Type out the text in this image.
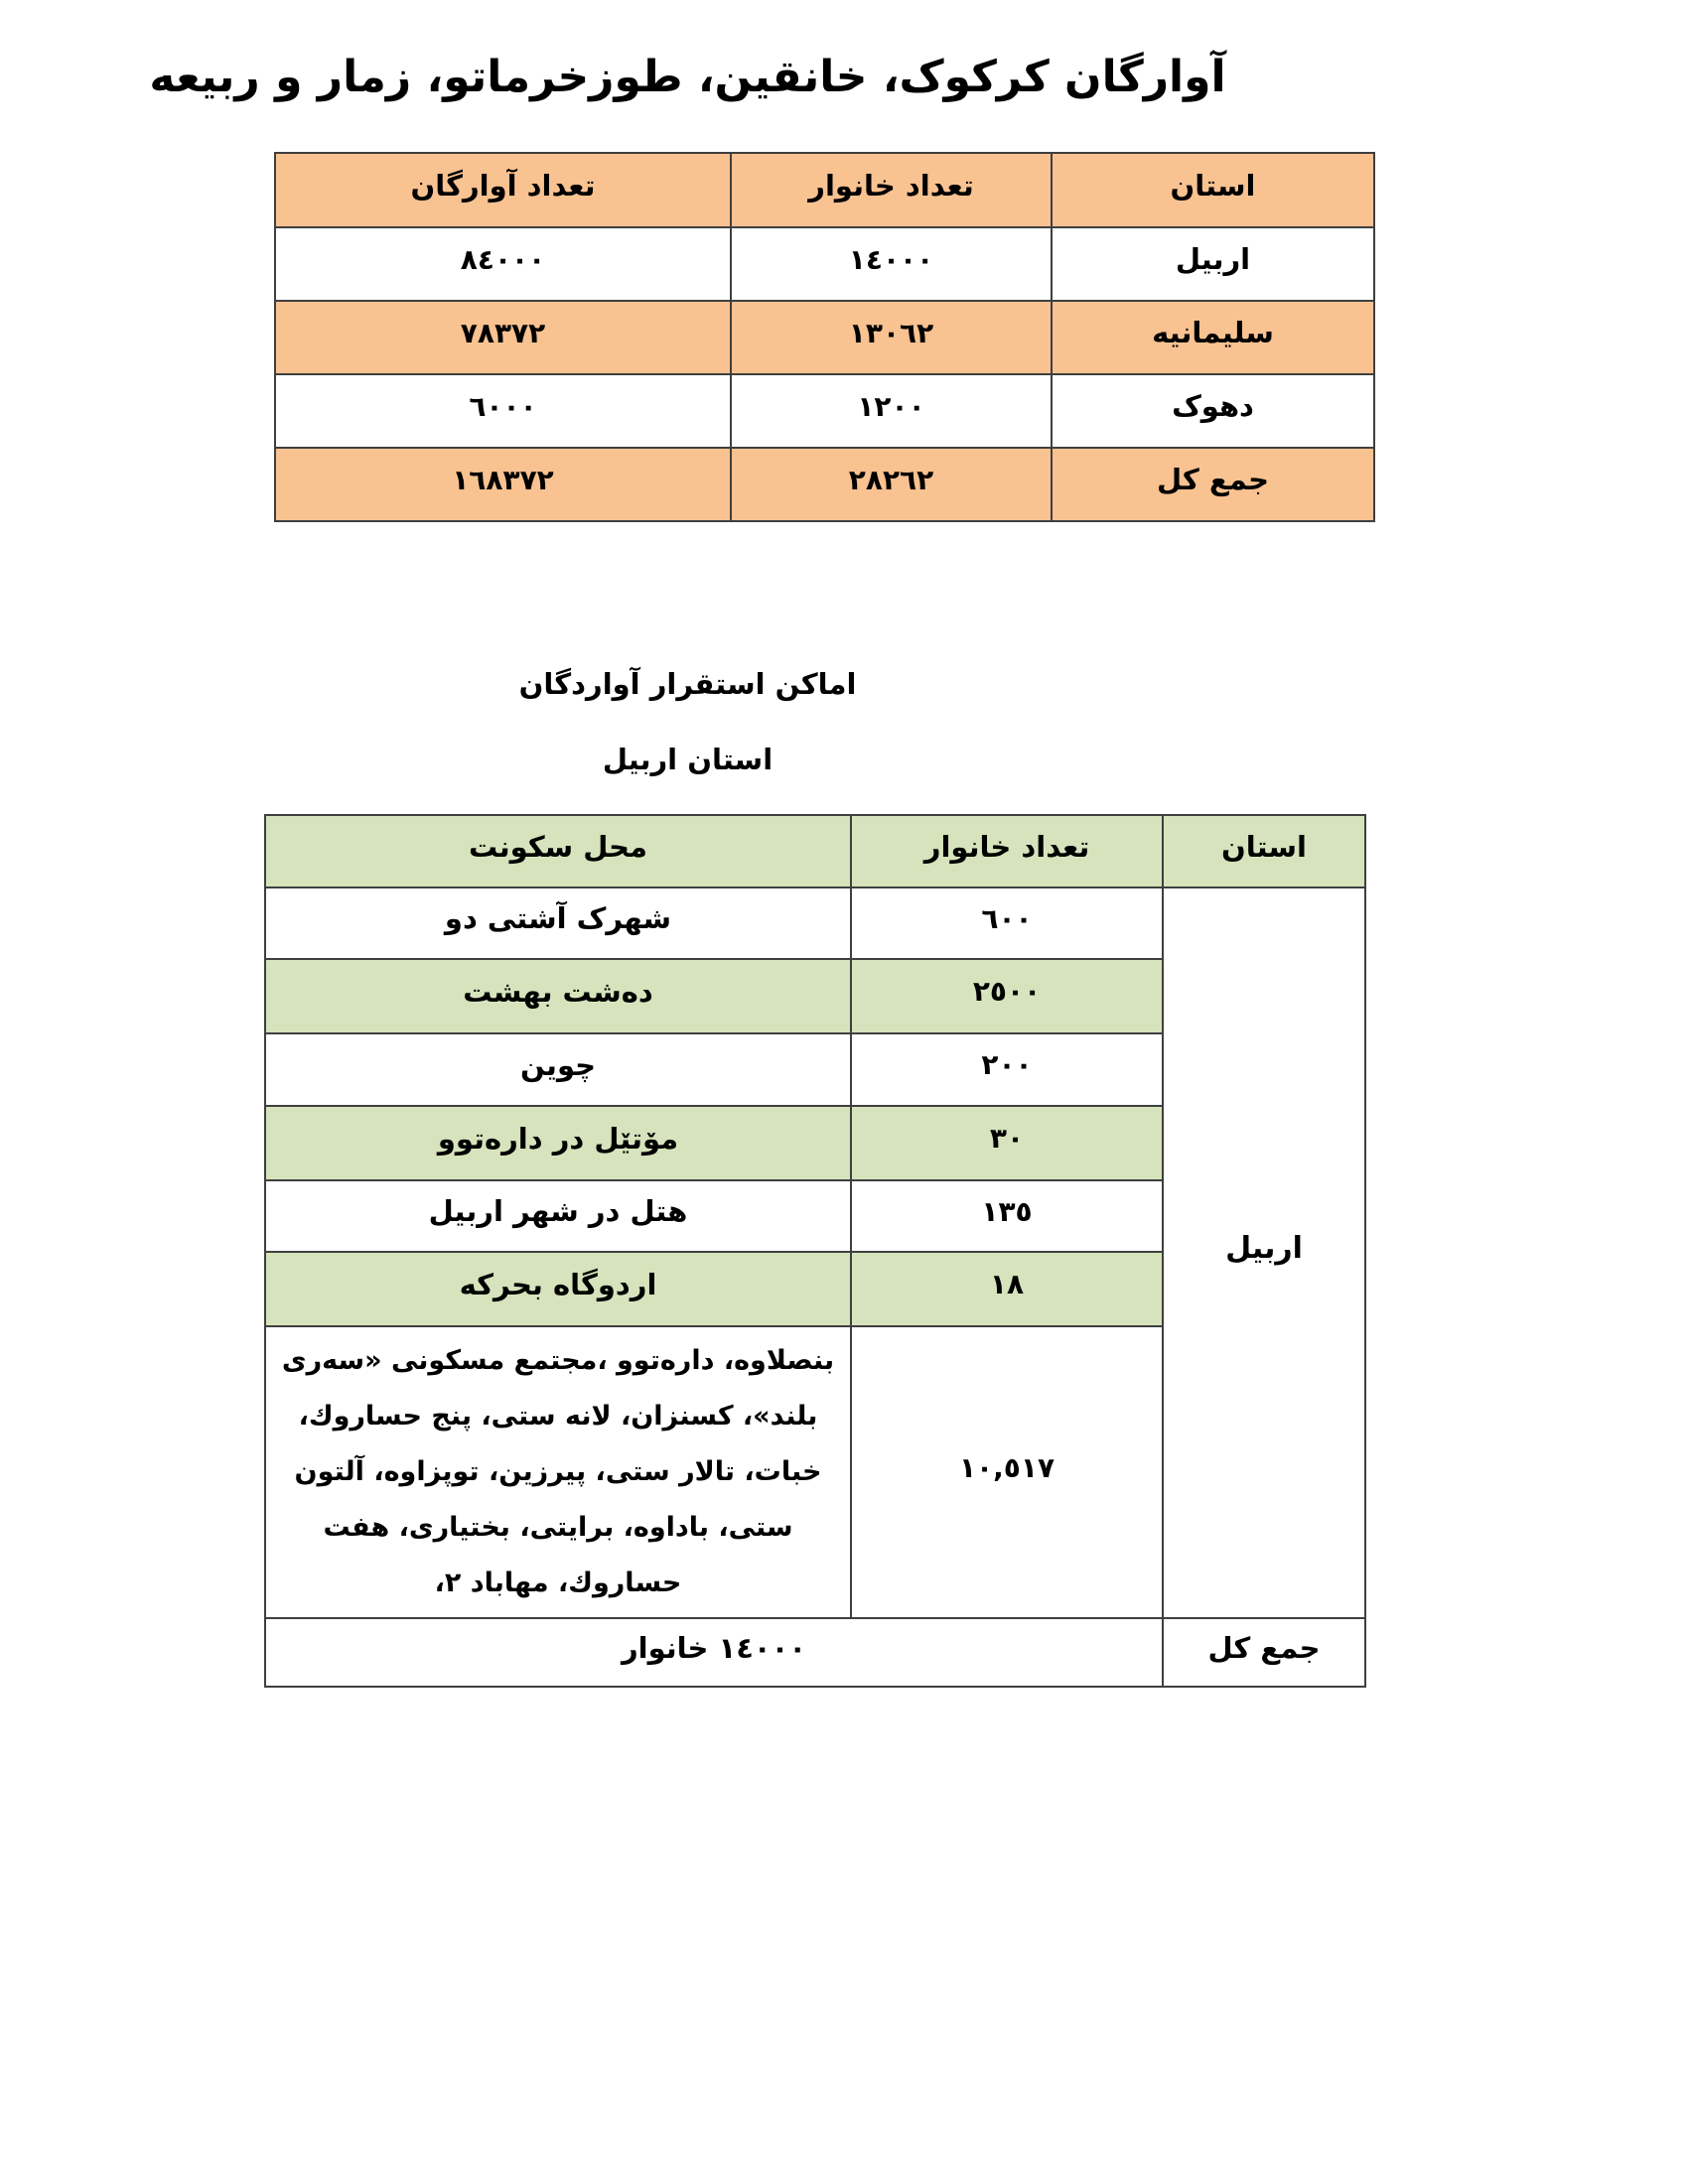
آوارگان کرکوک، خانقین، طوزخرماتو، زمار و ربیعه
استان	تعداد خانوار	تعداد آوارگان
اربیل	١٤٠٠٠	٨٤٠٠٠
سلیمانیه	١٣٠٦٢	٧٨٣٧٢
دهوک	١٢٠٠	٦٠٠٠
جمع کل	٢٨٢٦٢	١٦٨٣٧٢

اماکن استقرار آواردگان

استان اربیل

استان	تعداد خانوار	محل سکونت
اربیل	٦٠٠	شهرک آشتی دو
	٢٥٠٠	دەشت بهشت
	٢٠٠	چوین
	٣٠	مۆتێل در دارەتوو
	١٣٥	هتل در شهر اربیل
	١٨	اردوگاه بحرکه
	١٠,٥١٧	بنصلاوه، دارەتوو ،مجتمع مسکونی «سەری بلند»، کسنزان، لانه ستی، پنج حساروك، خبات، تالار ستی، پیرزین، توپزاوه، آلتون ستی، باداوه، برایتی، بختیاری، هفت حساروك، مهاباد ٢،
جمع کل	١٤٠٠٠ خانوار	
